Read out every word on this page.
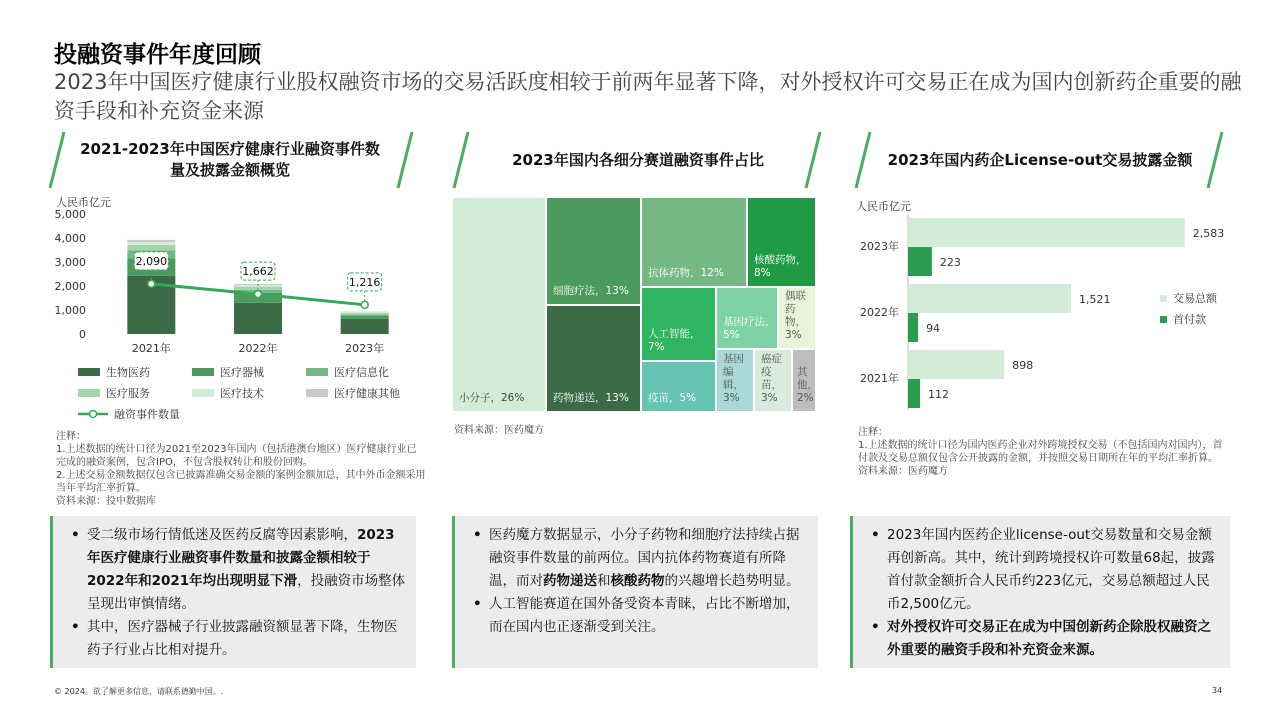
投融资事件年度回顾
2023年中国医疗健康行业股权融资市场的交易活跃度相较于前两年显著下降，对外授权许可交易正在成为国内创新药企重要的融资手段和补充资金来源
2021-2023年中国医疗健康行业融资事件数量及披露金额概览
2023年国内各细分赛道融资事件占比	2023年国内药企License-out交易披露金额
人民币亿元
5,000
4,000
3,000
2,000
1,000
0
2021年	2022年	2023年
2,090
1,662
1,216
生物医药	医疗器械	医疗信息化
医疗服务	医疗技术	医疗健康其他
融资事件数量
注释：
1.上述数据的统计口径为2021至2023年国内（包括港澳台地区）医疗健康行业已完成的融资案例，包含IPO，不包含股权转让和股份回购。
2.上述交易金额数据仅包含已披露准确交易金额的案例金额加总，其中外币金额采用当年平均汇率折算。
资料来源：投中数据库
小分子，26%
细胞疗法，13%
药物递送，13%
抗体药物，12%
核酸药物，
8%
人工智能，
7%
基因疗法，
5%
偶联
药物，
3%
疫苗，5%
基因
编辑，
3%
癌症
疫苗，
3%
其
他，
2%
资料来源：医药魔方
人民币亿元
2,583
223
2023年
1,521
94
2022年
898
112
2021年
交易总额
首付款
注释：
1.上述数据的统计口径为国内医药企业对外跨境授权交易（不包括国内对国内），首付款及交易总额仅包含公开披露的金额，并按照交易日期所在年的平均汇率折算。
资料来源：医药魔方
• 受二级市场行情低迷及医药反腐等因素影响，2023年医疗健康行业融资事件数量和披露金额相较于2022年和2021年均出现明显下滑，投融资市场整体呈现出审慎情绪。
• 其中，医疗器械子行业披露融资额显著下降，生物医药子行业占比相对提升。
• 医药魔方数据显示，小分子药物和细胞疗法持续占据融资事件数量的前两位。国内抗体药物赛道有所降温，而对药物递送和核酸药物的兴趣增长趋势明显。
• 人工智能赛道在国外备受资本青睐，占比不断增加，而在国内也正逐渐受到关注。
• 2023年国内医药企业license-out交易数量和交易金额再创新高。其中，统计到跨境授权许可数量68起，披露首付款金额折合人民币约223亿元，交易总额超过人民币2,500亿元。
• 对外授权许可交易正在成为中国创新药企除股权融资之外重要的融资手段和补充资金来源。
© 2024。欲了解更多信息，请联系德勤中国。.	34
